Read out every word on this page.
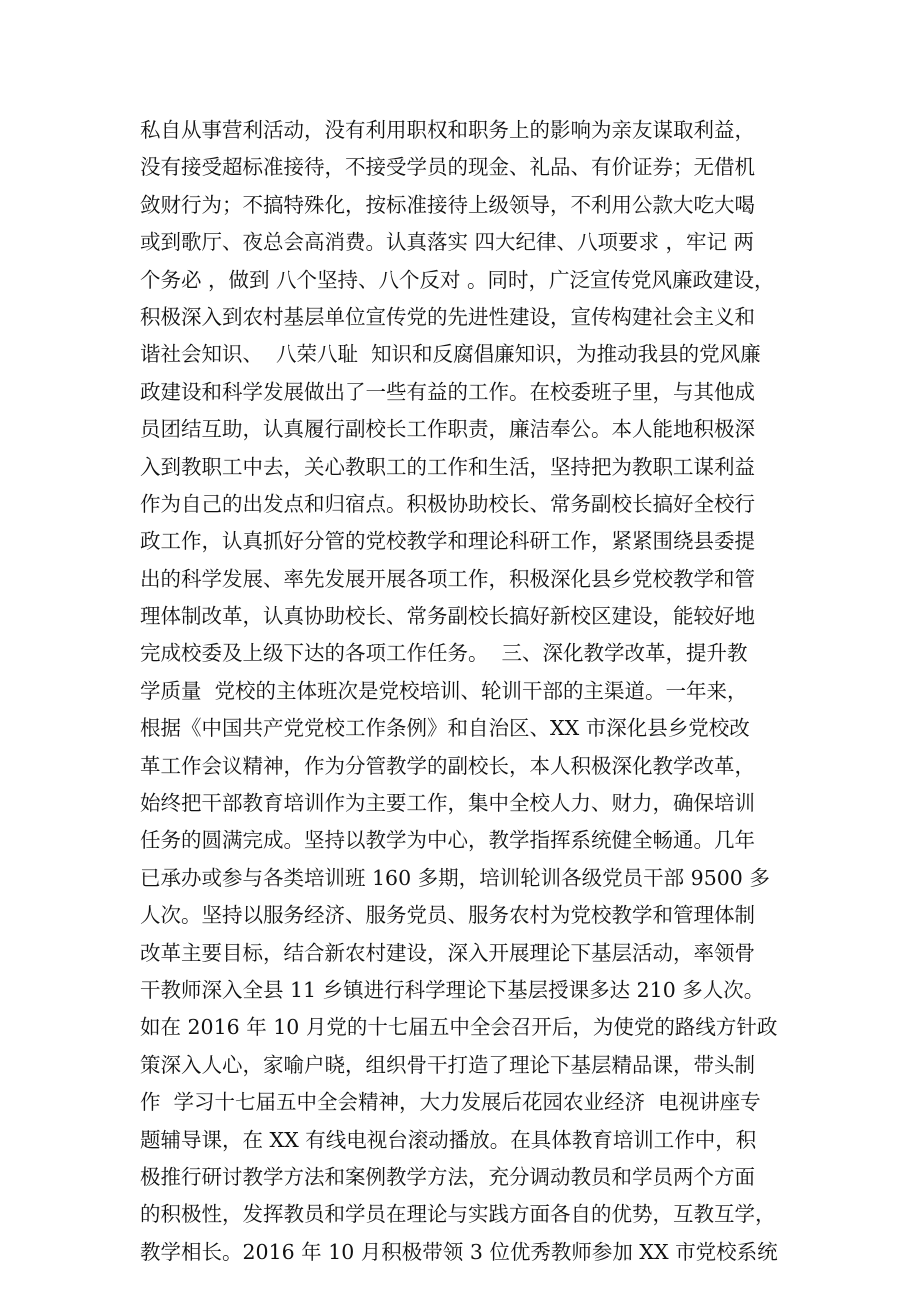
私自从事营利活动，没有利用职权和职务上的影响为亲友谋取利益，
没有接受超标准接待，不接受学员的现金、礼品、有价证券；无借机
敛财行为；不搞特殊化，按标准接待上级领导，不利用公款大吃大喝
或到歌厅、夜总会高消费。认真落实 四大纪律、八项要求 ，牢记 两
个务必 ，做到 八个坚持、八个反对 。同时，广泛宣传党风廉政建设，
积极深入到农村基层单位宣传党的先进性建设，宣传构建社会主义和
谐社会知识、  八荣八耻  知识和反腐倡廉知识，为推动我县的党风廉
政建设和科学发展做出了一些有益的工作。在校委班子里，与其他成
员团结互助，认真履行副校长工作职责，廉洁奉公。本人能地积极深
入到教职工中去，关心教职工的工作和生活，坚持把为教职工谋利益
作为自己的出发点和归宿点。积极协助校长、常务副校长搞好全校行
政工作，认真抓好分管的党校教学和理论科研工作，紧紧围绕县委提
出的科学发展、率先发展开展各项工作，积极深化县乡党校教学和管
理体制改革，认真协助校长、常务副校长搞好新校区建设，能较好地
完成校委及上级下达的各项工作任务。  三、深化教学改革，提升教
学质量  党校的主体班次是党校培训、轮训干部的主渠道。一年来，
根据《中国共产党党校工作条例》和自治区、XX 市深化县乡党校改
革工作会议精神，作为分管教学的副校长，本人积极深化教学改革，
始终把干部教育培训作为主要工作，集中全校人力、财力，确保培训
任务的圆满完成。坚持以教学为中心，教学指挥系统健全畅通。几年
已承办或参与各类培训班 160 多期，培训轮训各级党员干部 9500 多
人次。坚持以服务经济、服务党员、服务农村为党校教学和管理体制
改革主要目标，结合新农村建设，深入开展理论下基层活动，率领骨
干教师深入全县 11 乡镇进行科学理论下基层授课多达 210 多人次。
如在 2016 年 10 月党的十七届五中全会召开后，为使党的路线方针政
策深入人心，家喻户晓，组织骨干打造了理论下基层精品课，带头制
作  学习十七届五中全会精神，大力发展后花园农业经济  电视讲座专
题辅导课，在 XX 有线电视台滚动播放。在具体教育培训工作中，积
极推行研讨教学方法和案例教学方法，充分调动教员和学员两个方面
的积极性，发挥教员和学员在理论与实践方面各自的优势，互教互学，
教学相长。2016 年 10 月积极带领 3 位优秀教师参加 XX 市党校系统
